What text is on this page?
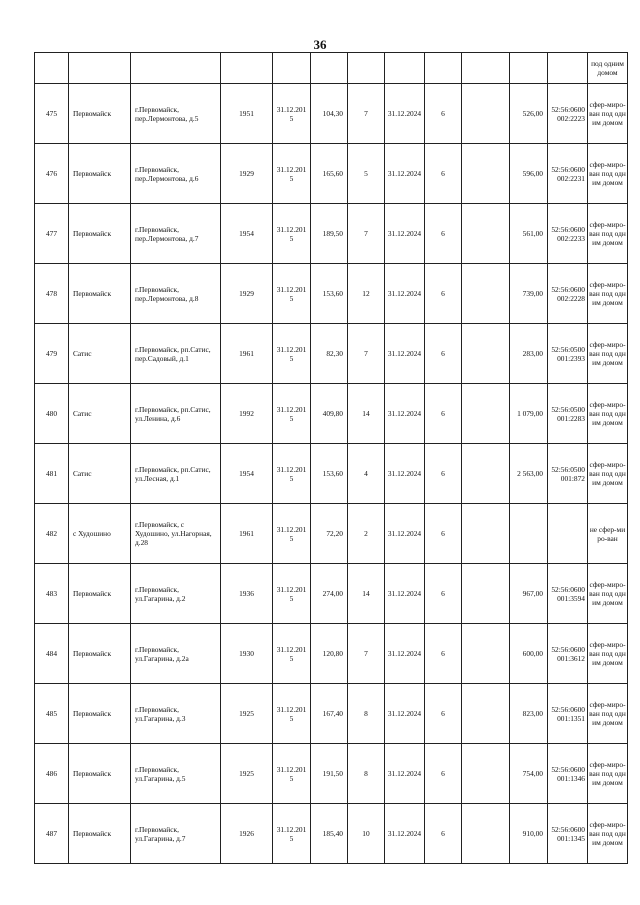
36
												под одним домом
475	Первомайск	г.Первомайск, пер.Лермонтова, д.5	1951	31.12.2015	104,30	7	31.12.2024	6		526,00	52:56:0600002:2223	сфер-миро-ван под одним домом
476	Первомайск	г.Первомайск, пер.Лермонтова, д.6	1929	31.12.2015	165,60	5	31.12.2024	6		596,00	52:56:0600002:2231	сфер-миро-ван под одним домом
477	Первомайск	г.Первомайск, пер.Лермонтова, д.7	1954	31.12.2015	189,50	7	31.12.2024	6		561,00	52:56:0600002:2233	сфер-миро-ван под одним домом
478	Первомайск	г.Первомайск, пер.Лермонтова, д.8	1929	31.12.2015	153,60	12	31.12.2024	6		739,00	52:56:0600002:2228	сфер-миро-ван под одним домом
479	Сатис	г.Первомайск, рп.Сатис, пер.Садовый, д.1	1961	31.12.2015	82,30	7	31.12.2024	6		283,00	52:56:0500001:2393	сфер-миро-ван под одним домом
480	Сатис	г.Первомайск, рп.Сатис, ул.Ленина, д.6	1992	31.12.2015	409,80	14	31.12.2024	6		1 079,00	52:56:0500001:2283	сфер-миро-ван под одним домом
481	Сатис	г.Первомайск, рп.Сатис, ул.Лесная, д.1	1954	31.12.2015	153,60	4	31.12.2024	6		2 563,00	52:56:0500001:872	сфер-миро-ван под одним домом
482	с Худошино	г.Первомайск, с Худошино, ул.Нагорная, д.28	1961	31.12.2015	72,20	2	31.12.2024	6				не сфер-миро-ван
483	Первомайск	г.Первомайск, ул.Гагарина, д.2	1936	31.12.2015	274,00	14	31.12.2024	6		967,00	52:56:0600001:3594	сфер-миро-ван под одним домом
484	Первомайск	г.Первомайск, ул.Гагарина, д.2а	1930	31.12.2015	120,80	7	31.12.2024	6		600,00	52:56:0600001:3612	сфер-миро-ван под одним домом
485	Первомайск	г.Первомайск, ул.Гагарина, д.3	1925	31.12.2015	167,40	8	31.12.2024	6		823,00	52:56:0600001:1351	сфер-миро-ван под одним домом
486	Первомайск	г.Первомайск, ул.Гагарина, д.5	1925	31.12.2015	191,50	8	31.12.2024	6		754,00	52:56:0600001:1346	сфер-миро-ван под одним домом
487	Первомайск	г.Первомайск, ул.Гагарина, д.7	1926	31.12.2015	185,40	10	31.12.2024	6		910,00	52:56:0600001:1345	сфер-миро-ван под одним домом
